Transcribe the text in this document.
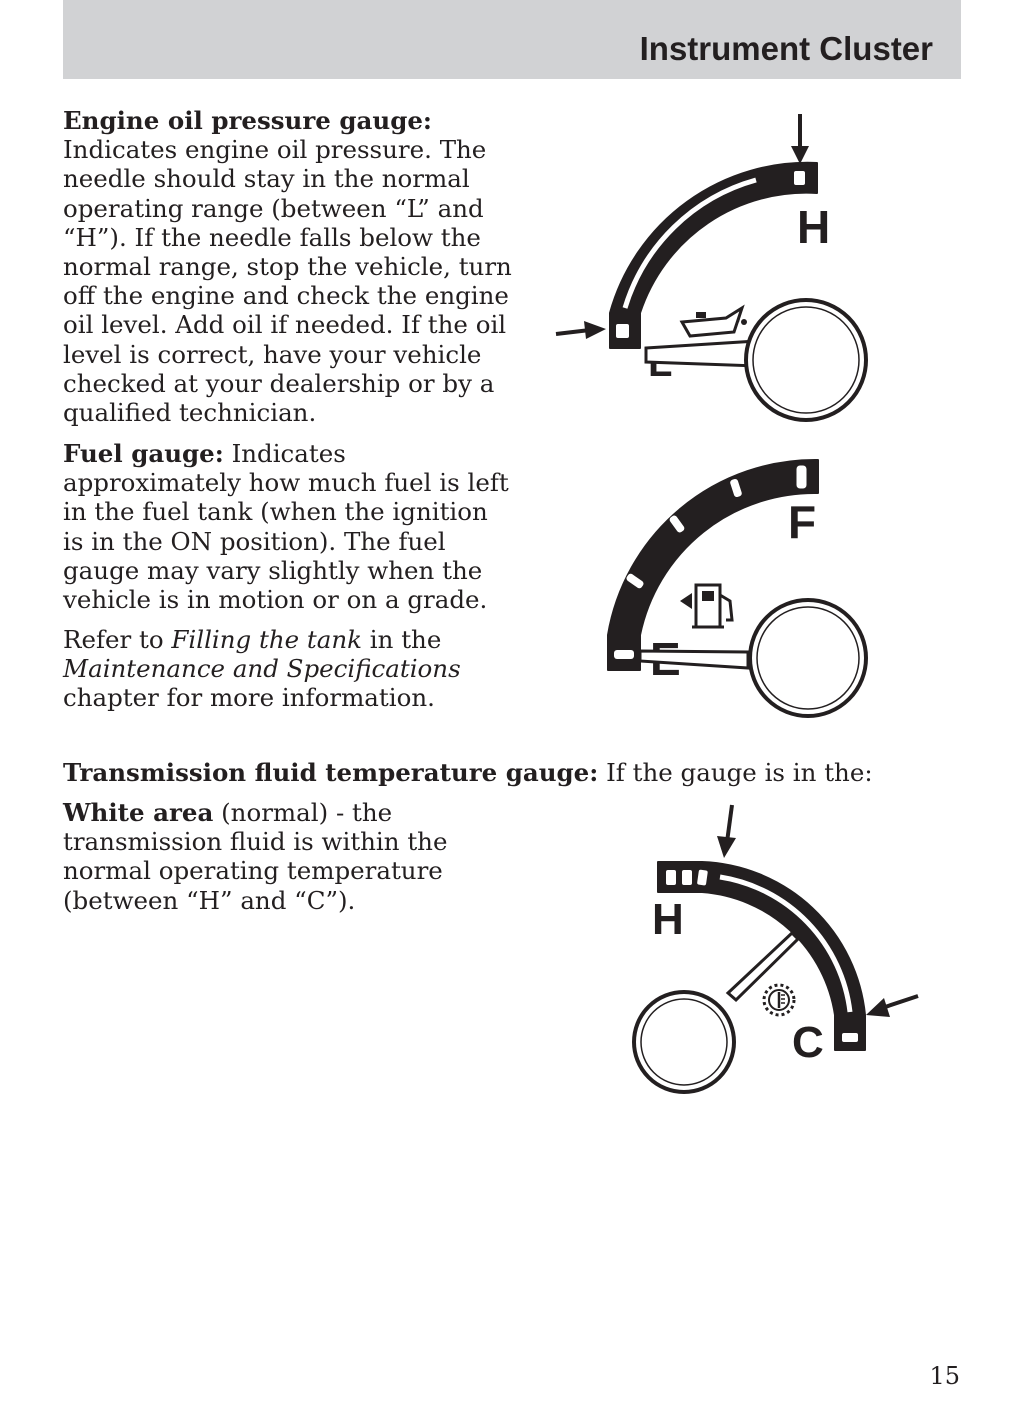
Instrument Cluster

Engine oil pressure gauge:
Indicates engine oil pressure. The needle should stay in the normal operating range (between “L” and “H”). If the needle falls below the normal range, stop the vehicle, turn off the engine and check the engine oil level. Add oil if needed. If the oil level is correct, have your vehicle checked at your dealership or by a qualified technician.

Fuel gauge: Indicates approximately how much fuel is left in the fuel tank (when the ignition is in the ON position). The fuel gauge may vary slightly when the vehicle is in motion or on a grade.

Refer to Filling the tank in the Maintenance and Specifications chapter for more information.

Transmission fluid temperature gauge: If the gauge is in the:

White area (normal) - the transmission fluid is within the normal operating temperature (between “H” and “C”).

H
F
H
C

15
